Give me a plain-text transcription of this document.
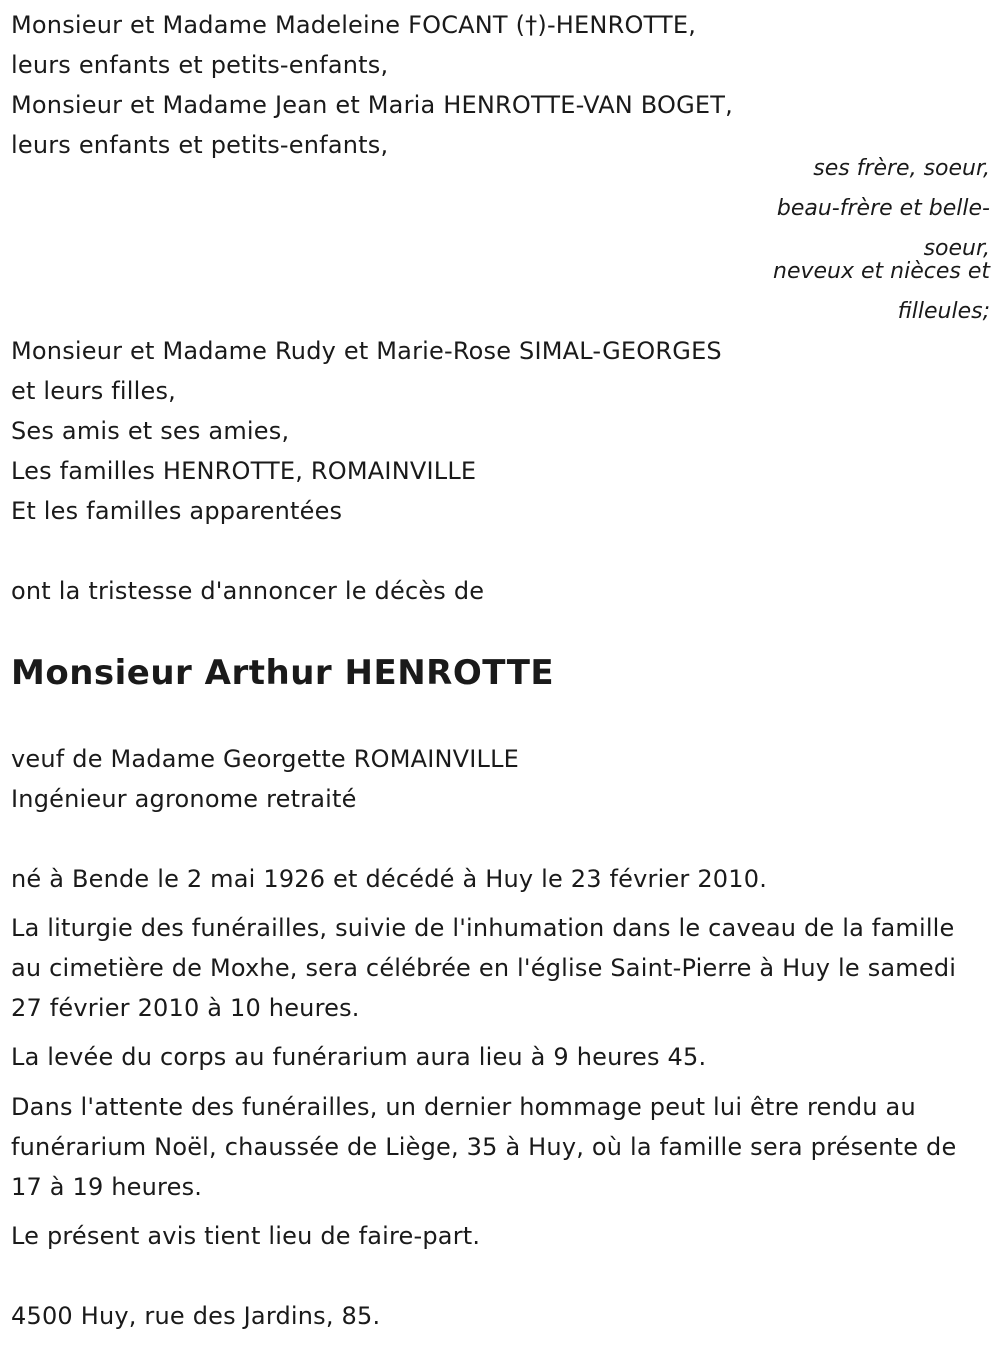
Monsieur et Madame Madeleine FOCANT (†)-HENROTTE,
leurs enfants et petits-enfants,
Monsieur et Madame Jean et Maria HENROTTE-VAN BOGET,
leurs enfants et petits-enfants,
ses frère, soeur,
beau-frère et belle-
soeur,
neveux et nièces et
filleules;
Monsieur et Madame Rudy et Marie-Rose SIMAL-GEORGES
et leurs filles,
Ses amis et ses amies,
Les familles HENROTTE, ROMAINVILLE
Et les familles apparentées
ont la tristesse d'annoncer le décès de
Monsieur Arthur HENROTTE
veuf de Madame Georgette ROMAINVILLE
Ingénieur agronome retraité
né à Bende le 2 mai 1926 et décédé à Huy le 23 février 2010.
La liturgie des funérailles, suivie de l'inhumation dans le caveau de la famille au cimetière de Moxhe, sera célébrée en l'église Saint-Pierre à Huy le samedi 27 février 2010 à 10 heures.
La levée du corps au funérarium aura lieu à 9 heures 45.
Dans l'attente des funérailles, un dernier hommage peut lui être rendu au funérarium Noël, chaussée de Liège, 35 à Huy, où la famille sera présente de 17 à 19 heures.
Le présent avis tient lieu de faire-part.
4500 Huy, rue des Jardins, 85.
